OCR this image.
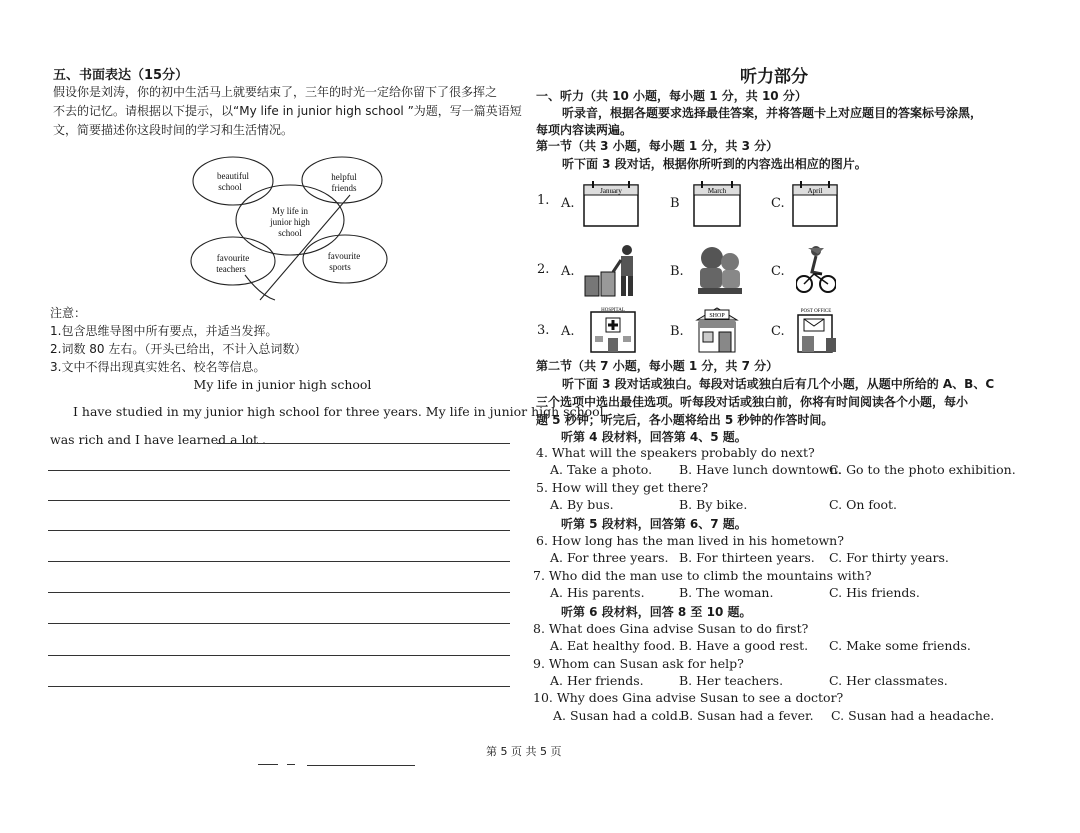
五、书面表达（15分）
假设你是刘涛，你的初中生活马上就要结束了，三年的时光一定给你留下了很多挥之
不去的记忆。请根据以下提示，以“My life in junior high school ”为题，写一篇英语短
文，简要描述你这段时间的学习和生活情况。
My life in
junior high
school
beautiful
school
helpful
friends
favourite
teachers
favourite
sports
注意：
1.包含思维导图中所有要点，并适当发挥。
2.词数 80 左右。（开头已给出，不计入总词数）
3.文中不得出现真实姓名、校名等信息。
My life in junior high school
I have studied in my junior high school for three years. My life in junior high school
was rich and I have learned a lot .
听力部分
一、听力（共 10 小题，每小题 1 分，共 10 分）
听录音，根据各题要求选择最佳答案，并将答题卡上对应题目的答案标号涂黑，
每项内容读两遍。
第一节（共 3 小题，每小题 1 分，共 3 分）
听下面 3 段对话，根据你所听到的内容选出相应的图片。
1. A.	B	C.
January	March	April
2. A.	B.	C.
3. A.	B.	C.
HOSPITAL
SHOP
POST OFFICE
第二节（共 7 小题，每小题 1 分，共 7 分）
听下面 3 段对话或独白。每段对话或独白后有几个小题，从题中所给的 A、B、C
三个选项中选出最佳选项。听每段对话或独白前，你将有时间阅读各个小题，每小
题 5 秒钟；听完后，各小题将给出 5 秒钟的作答时间。
听第 4 段材料，回答第 4、5 题。
4. What will the speakers probably do next?
A. Take a photo. B. Have lunch downtown.
C. Go to the photo exhibition.
5. How will they get there?
A. By bus.	B. By bike.	C. On foot.
听第 5 段材料，回答第 6、7 题。
6. How long has the man lived in his hometown?
A. For three years. B. For thirteen years. C. For thirty years.
7. Who did the man use to climb the mountains with?
A. His parents.	B. The woman.	C. His friends.
听第 6 段材料，回答 8 至 10 题。
8. What does Gina advise Susan to do first?
A. Eat healthy food. B. Have a good rest. C. Make some friends.
9. Whom can Susan ask for help?
A. Her friends.	B. Her teachers.	C. Her classmates.
10. Why does Gina advise Susan to see a doctor?
A. Susan had a cold.
B. Susan had a fever. C. Susan had a headache.
第 5 页 共 5 页
